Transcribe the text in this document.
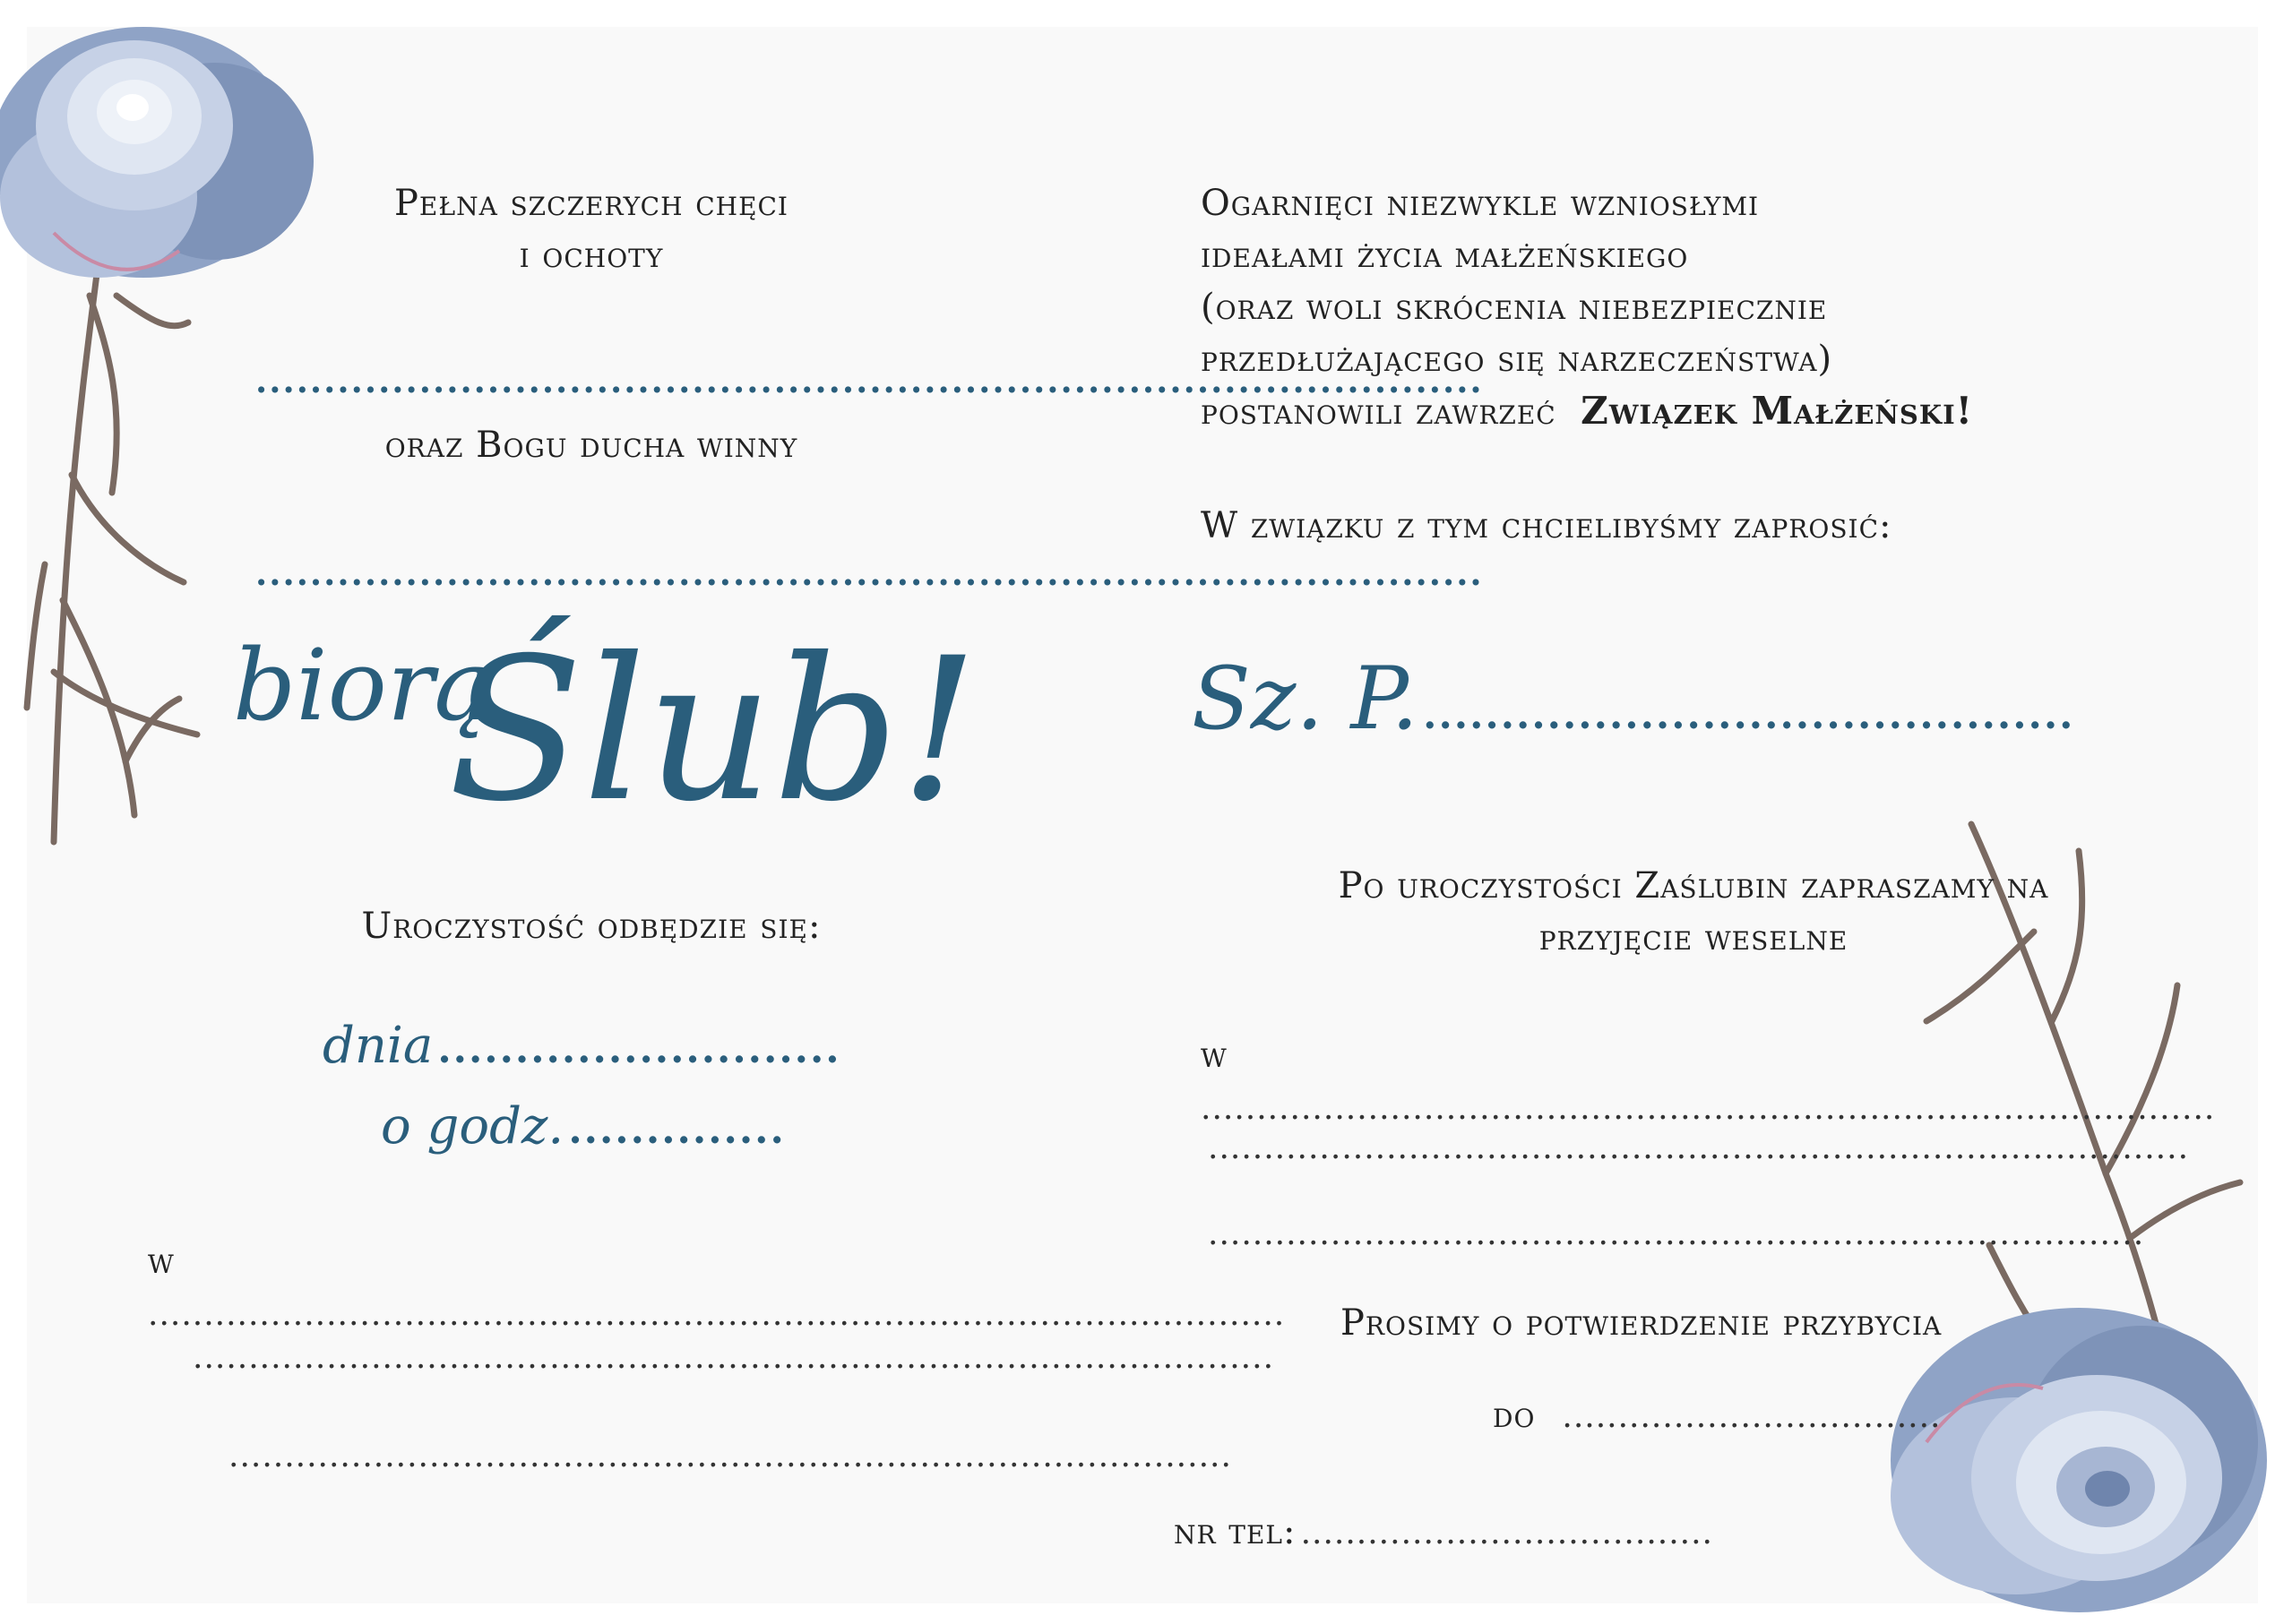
Pełna szczerych chęci
i ochoty
..........................................................................................
oraz Bogu ducha winny
..........................................................................................
biorą
Ślub!
Uroczystość odbędzie się:
dnia ..........................
o godz. ..............
w ......................................................................................................
.................................................................................................
..........................................................................................
Ogarnięci niezwykle wzniosłymi
ideałami życia małżeńskiego
(oraz woli skrócenia niebezpiecznie
przedłużającego się narzeczeństwa)
postanowili zawrzeć Związek Małżeński!
W związku z tym chcielibyśmy zaprosić:
Sz. P. ..........................................
Po uroczystości Zaślubin zapraszamy na
przyjęcie weselne
w ...........................................................................................
........................................................................................
....................................................................................
Prosimy o potwierdzenie przybycia
do   ..................................
nr tel: .....................................
